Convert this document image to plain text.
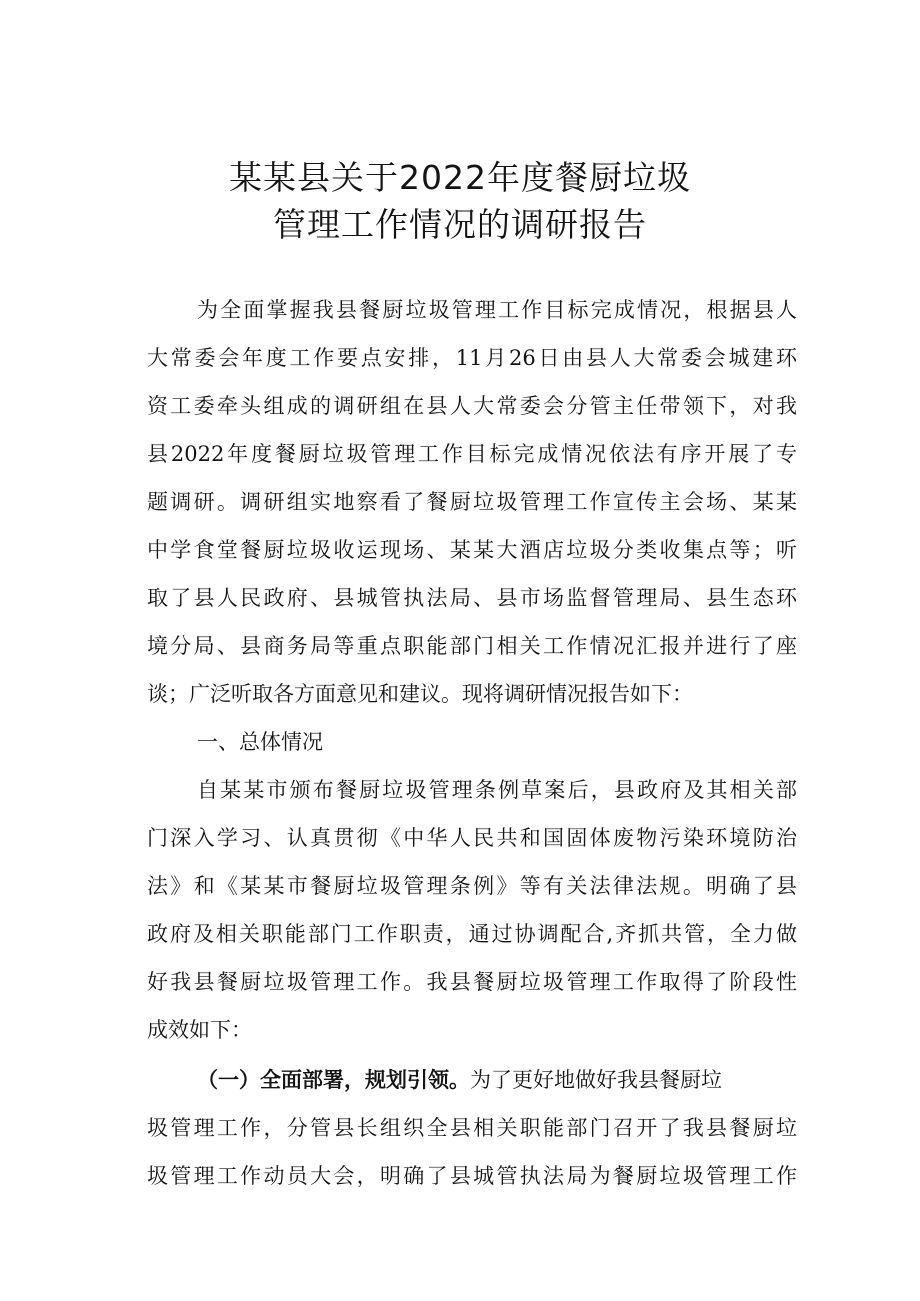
某某县关于2022年度餐厨垃圾
管理工作情况的调研报告
为全面掌握我县餐厨垃圾管理工作目标完成情况，根据县人
大常委会年度工作要点安排，11月26日由县人大常委会城建环
资工委牵头组成的调研组在县人大常委会分管主任带领下，对我
县2022年度餐厨垃圾管理工作目标完成情况依法有序开展了专
题调研。调研组实地察看了餐厨垃圾管理工作宣传主会场、某某
中学食堂餐厨垃圾收运现场、某某大酒店垃圾分类收集点等；听
取了县人民政府、县城管执法局、县市场监督管理局、县生态环
境分局、县商务局等重点职能部门相关工作情况汇报并进行了座
谈；广泛听取各方面意见和建议。现将调研情况报告如下：
一、总体情况
自某某市颁布餐厨垃圾管理条例草案后，县政府及其相关部
门深入学习、认真贯彻《中华人民共和国固体废物污染环境防治
法》和《某某市餐厨垃圾管理条例》等有关法律法规。明确了县
政府及相关职能部门工作职责，通过协调配合,齐抓共管，全力做
好我县餐厨垃圾管理工作。我县餐厨垃圾管理工作取得了阶段性
成效如下：
（一）全面部署，规划引领。为了更好地做好我县餐厨垃
圾管理工作，分管县长组织全县相关职能部门召开了我县餐厨垃
圾管理工作动员大会，明确了县城管执法局为餐厨垃圾管理工作
